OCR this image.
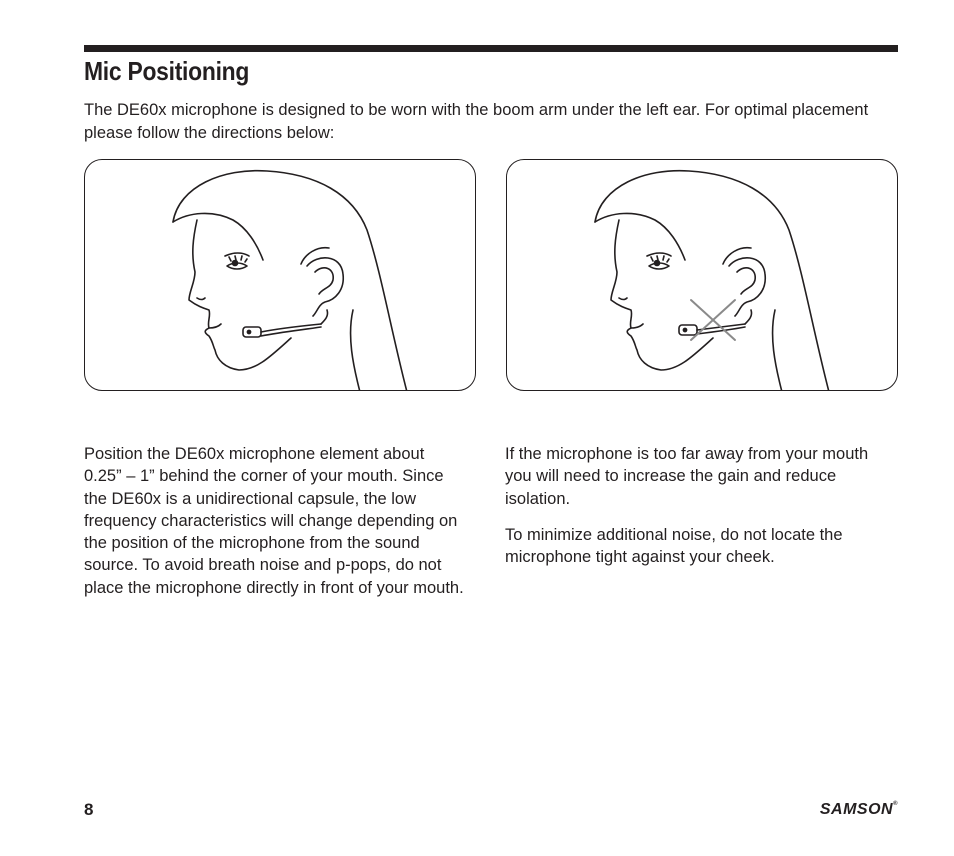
Mic Positioning

The DE60x microphone is designed to be worn with the boom arm under the left ear. For optimal placement please follow the directions below:

Position the DE60x microphone element about 0.25” – 1” behind the corner of your mouth. Since the DE60x is a unidirectional capsule, the low frequency characteristics will change depending on the position of the microphone from the sound source. To avoid breath noise and p-pops, do not place the microphone directly in front of your mouth.

If the microphone is too far away from your mouth you will need to increase the gain and reduce isolation.

To minimize additional noise, do not locate the microphone tight against your cheek.

8	SAMSON®
